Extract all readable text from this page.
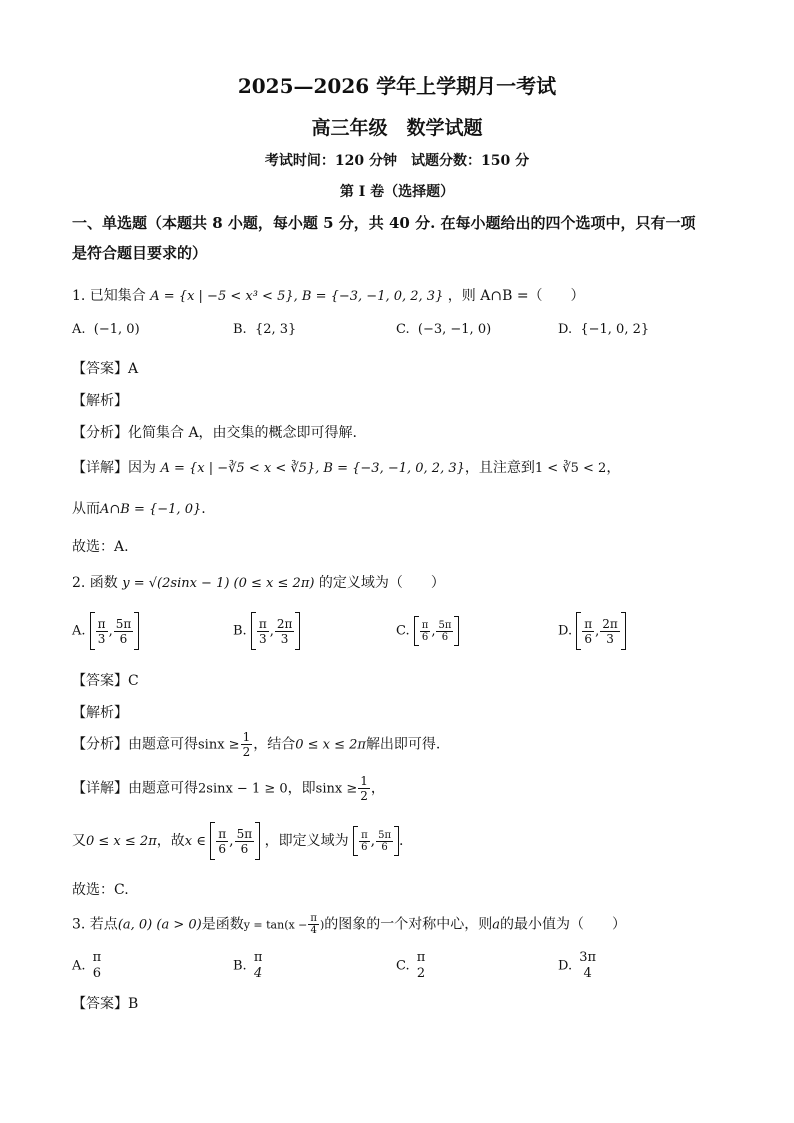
2025—2026 学年上学期月一考试
高三年级　数学试题
考试时间：120 分钟　试题分数：150 分
第 I 卷（选择题）
一、单选题（本题共 8 小题，每小题 5 分，共 40 分. 在每小题给出的四个选项中，只有一项
是符合题目要求的）
1. 已知集合 A = {x | −5 < x³ < 5}, B = {−3, −1, 0, 2, 3} ，则 A∩B =（　　）
A. (−1, 0)	B. {2, 3}	C. (−3, −1, 0)	D. {−1, 0, 2}
【答案】A
【解析】
【分析】化简集合 A，由交集的概念即可得解.
【详解】因为 A = {x | −∛5 < x < ∛5}, B = {−3, −1, 0, 2, 3}，且注意到1 < ∛5 < 2，
从而A∩B = {−1, 0}.
故选：A.
2. 函数 y = √(2sinx − 1) (0 ≤ x ≤ 2π) 的定义域为（　　）
A. $\frac{\pi}{3}$ , $\frac{5\pi}{6}$	B. $\frac{\pi}{3}$ , $\frac{2\pi}{3}$	C. $\frac{\pi}{6}$ , $\frac{5\pi}{6}$	D. $\frac{\pi}{6}$ , $\frac{2\pi}{3}$
【答案】C
【解析】
【分析】由题意可得$\sin x \ge \frac{1}{2}$ ，结合0 ≤ x ≤ 2π解出即可得.
【详解】由题意可得2sinx − 1 ≥ 0，即$\sin x \ge \frac{1}{2}$ ，
又0 ≤ x ≤ 2π，故x ∈ $\frac{\pi}{6}$ , $\frac{5\pi}{6}$ ，即定义域为 $\frac{\pi}{6}$ , $\frac{5\pi}{6}$ .
故选：C.
3. 若点(a, 0) (a > 0)是函数$y = \tan(x - \frac{\pi}{4}$ )的图象的一个对称中心，则a的最小值为（　　）
A.
π
6	B.
π
4	C.
π
2	D.
3π
4
【答案】B
